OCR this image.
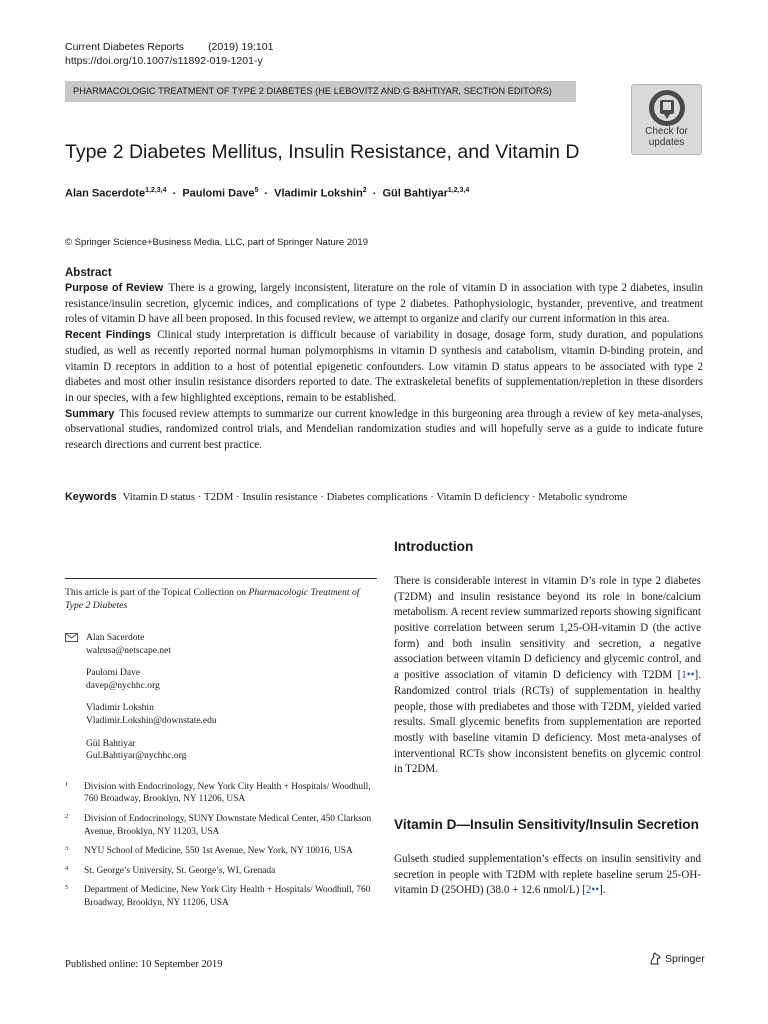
Current Diabetes Reports (2019) 19:101
https://doi.org/10.1007/s11892-019-1201-y
PHARMACOLOGIC TREATMENT OF TYPE 2 DIABETES (HE LEBOVITZ AND G BAHTIYAR, SECTION EDITORS)
Check for
updates
Type 2 Diabetes Mellitus, Insulin Resistance, and Vitamin D
Alan Sacerdote$^{1,2,3,4}$ · Paulomi Dave$^5$ · Vladimir Lokshin$^2$ · Gül Bahtiyar$^{1,2,3,4}$
© Springer Science+Business Media, LLC, part of Springer Nature 2019
Abstract

Purpose of Review There is a growing, largely inconsistent, literature on the role of vitamin D in association with type 2 diabetes, insulin resistance/insulin secretion, glycemic indices, and complications of type 2 diabetes. Pathophysiologic, bystander, preventive, and treatment roles of vitamin D have all been proposed. In this focused review, we attempt to organize and clarify our current information in this area.

Recent Findings Clinical study interpretation is difficult because of variability in dosage, dosage form, study duration, and populations studied, as well as recently reported normal human polymorphisms in vitamin D synthesis and catabolism, vitamin D-binding protein, and vitamin D receptors in addition to a host of potential epigenetic confounders. Low vitamin D status appears to be associated with type 2 diabetes and most other insulin resistance disorders reported to date. The extraskeletal benefits of supplementation/repletion in these disorders in our species, with a few highlighted exceptions, remain to be established.

Summary This focused review attempts to summarize our current knowledge in this burgeoning area through a review of key meta-analyses, observational studies, randomized control trials, and Mendelian randomization studies and will hopefully serve as a guide to indicate future research directions and current best practice.

Keywords Vitamin D status · T2DM · Insulin resistance · Diabetes complications · Vitamin D deficiency · Metabolic syndrome
This article is part of the Topical Collection on Pharmacologic Treatment of Type 2 Diabetes
Alan Sacerdote
walrusa@netscape.net
Paulomi Dave
davep@nychhc.org
Vladimir Lokshin
Vladimir.Lokshin@downstate.edu
Gül Bahtiyar
Gul.Bahtiyar@nychhc.org
1 Division with Endocrinology, New York City Health + Hospitals/ Woodhull, 760 Broadway, Brooklyn, NY 11206, USA
2 Division of Endocrinology, SUNY Downstate Medical Center, 450 Clarkson Avenue, Brooklyn, NY 11203, USA
3 NYU School of Medicine, 550 1st Avenue, New York, NY 10016, USA
4 St. George’s University, St. George’s, WI, Grenada
5 Department of Medicine, New York City Health + Hospitals/ Woodhull, 760 Broadway, Brooklyn, NY 11206, USA
Introduction

There is considerable interest in vitamin D’s role in type 2 diabetes (T2DM) and insulin resistance beyond its role in bone/calcium metabolism. A recent review summarized reports showing significant positive correlation between serum 1,25-OH-vitamin D (the active form) and both insulin sensitivity and secretion, a negative association between vitamin D deficiency and glycemic control, and a positive association of vitamin D deficiency with T2DM [1••]. Randomized control trials (RCTs) of supplementation in healthy people, those with prediabetes and those with T2DM, yielded varied results. Small glycemic benefits from supplementation are reported mostly with baseline vitamin D deficiency. Most meta-analyses of interventional RCTs show inconsistent benefits on glycemic control in T2DM.

Vitamin D—Insulin Sensitivity/Insulin Secretion

Gulseth studied supplementation’s effects on insulin sensitivity and secretion in people with T2DM with replete baseline serum 25-OH-vitamin D (25OHD) (38.0 + 12.6 nmol/L) [2••].

Published online: 10 September 2019	Springer
